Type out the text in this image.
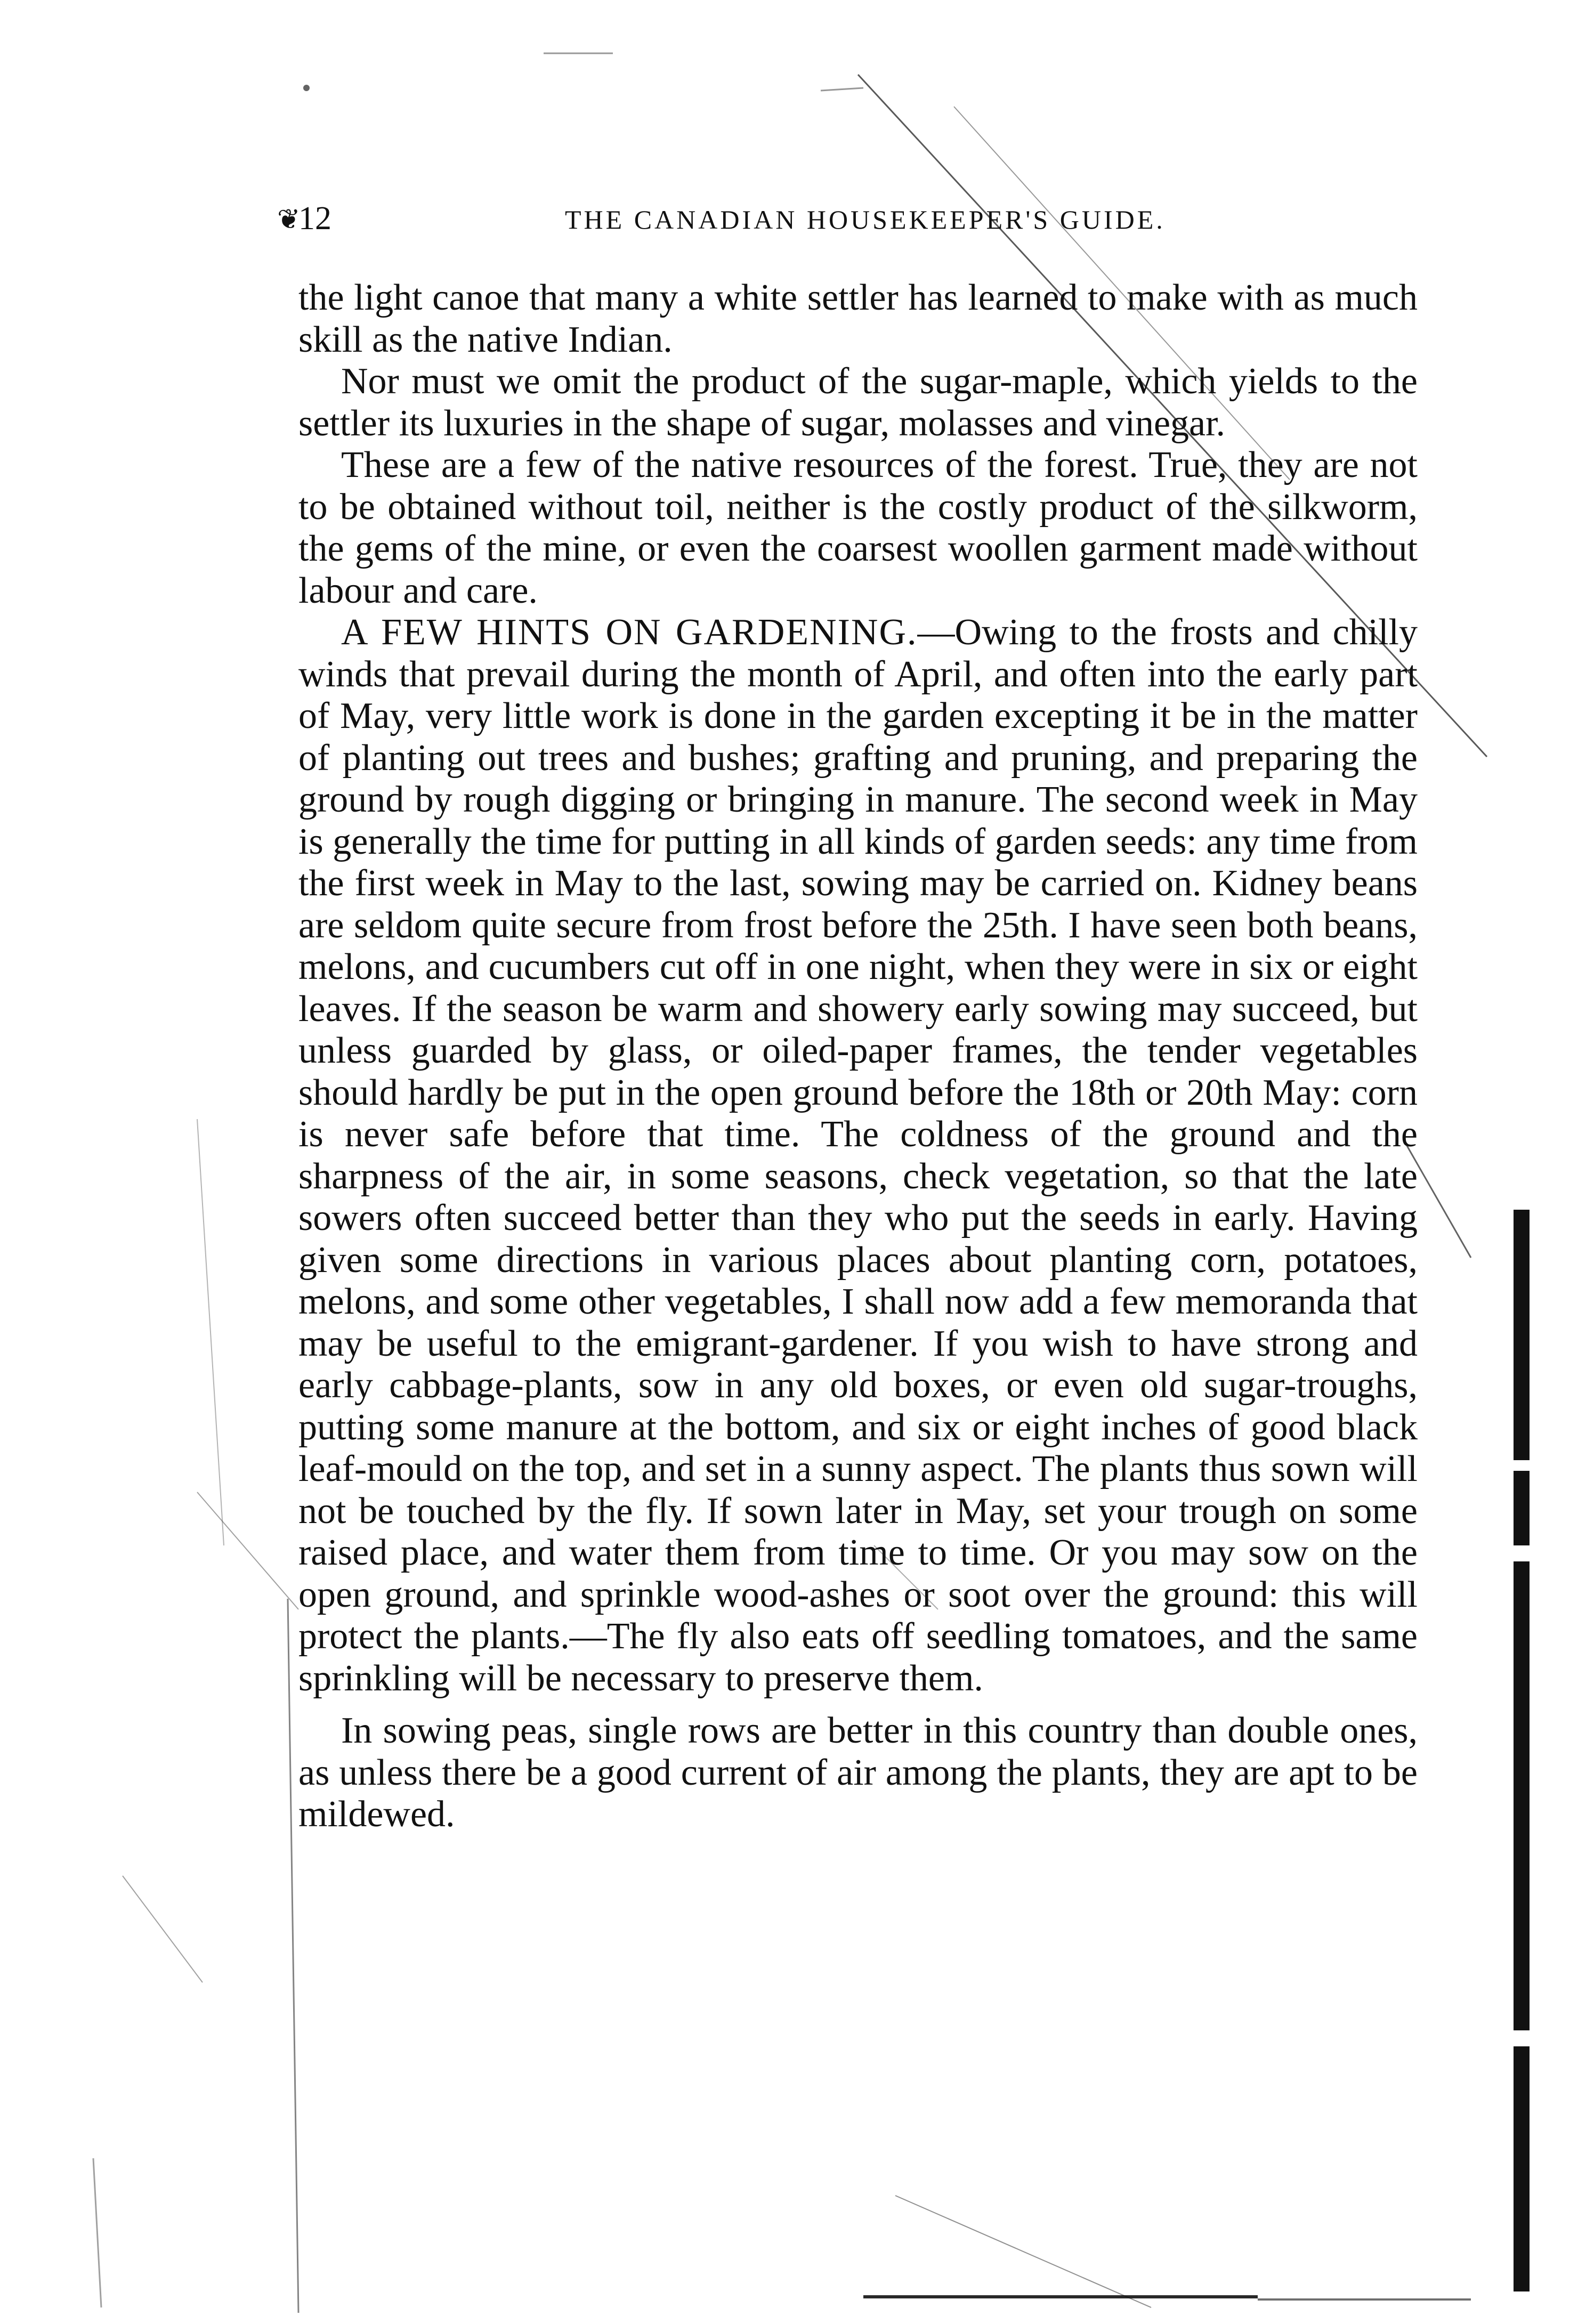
❦
12	THE CANADIAN HOUSEKEEPER'S GUIDE.

the light canoe that many a white settler has learned to make with as much skill as the native Indian.

Nor must we omit the product of the sugar-maple, which yields to the settler its luxuries in the shape of sugar, molasses and vinegar.

These are a few of the native resources of the forest. True, they are not to be obtained without toil, neither is the costly product of the silkworm, the gems of the mine, or even the coarsest woollen garment made without labour and care.

A FEW HINTS ON GARDENING.—Owing to the frosts and chilly winds that prevail during the month of April, and often into the early part of May, very little work is done in the garden excepting it be in the matter of planting out trees and bushes; grafting and pruning, and preparing the ground by rough digging or bringing in manure. The second week in May is generally the time for putting in all kinds of garden seeds: any time from the first week in May to the last, sowing may be carried on. Kidney beans are seldom quite secure from frost before the 25th. I have seen both beans, melons, and cucumbers cut off in one night, when they were in six or eight leaves. If the season be warm and showery early sowing may succeed, but unless guarded by glass, or oiled-paper frames, the tender vegetables should hardly be put in the open ground before the 18th or 20th May: corn is never safe before that time. The coldness of the ground and the sharpness of the air, in some seasons, check vegetation, so that the late sowers often succeed better than they who put the seeds in early. Having given some directions in various places about planting corn, potatoes, melons, and some other vegetables, I shall now add a few memoranda that may be useful to the emigrant-gardener. If you wish to have strong and early cabbage-plants, sow in any old boxes, or even old sugar-troughs, putting some manure at the bottom, and six or eight inches of good black leaf-mould on the top, and set in a sunny aspect. The plants thus sown will not be touched by the fly. If sown later in May, set your trough on some raised place, and water them from time to time. Or you may sow on the open ground, and sprinkle wood-ashes or soot over the ground: this will protect the plants.—The fly also eats off seedling tomatoes, and the same sprinkling will be necessary to preserve them.

In sowing peas, single rows are better in this country than double ones, as unless there be a good current of air among the plants, they are apt to be mildewed.
